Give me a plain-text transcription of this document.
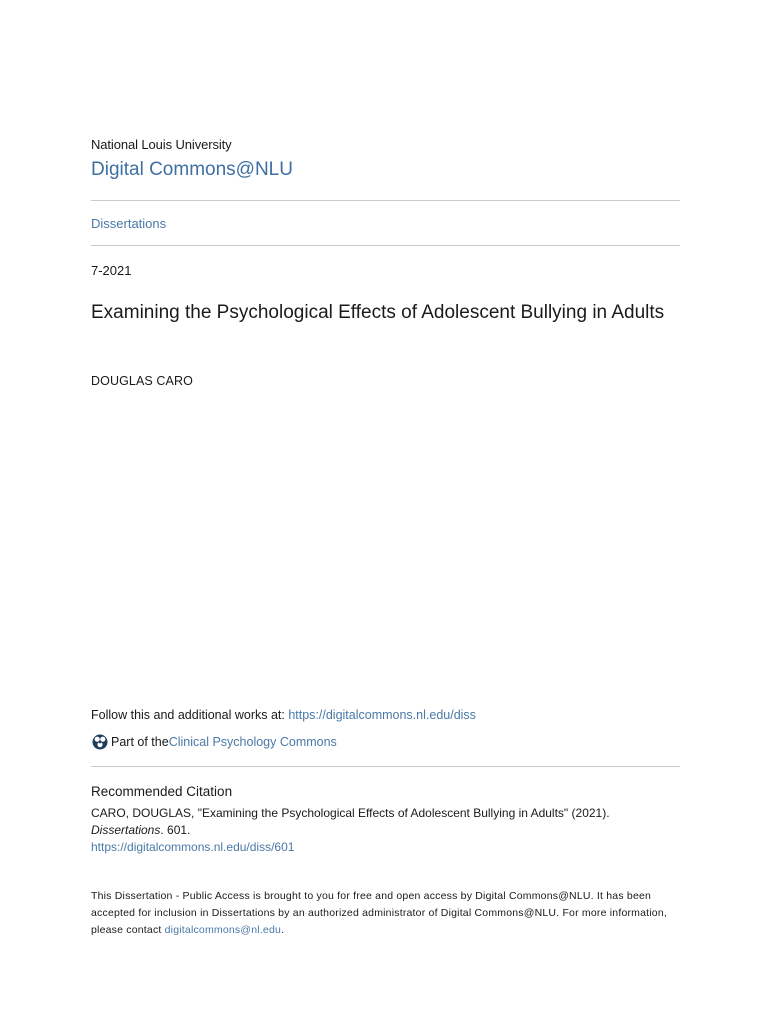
National Louis University
Digital Commons@NLU
Dissertations
7-2021
Examining the Psychological Effects of Adolescent Bullying in Adults
DOUGLAS CARO
Follow this and additional works at: https://digitalcommons.nl.edu/diss
Part of the Clinical Psychology Commons
Recommended Citation
CARO, DOUGLAS, "Examining the Psychological Effects of Adolescent Bullying in Adults" (2021).
Dissertations. 601.
https://digitalcommons.nl.edu/diss/601
This Dissertation - Public Access is brought to you for free and open access by Digital Commons@NLU. It has been accepted for inclusion in Dissertations by an authorized administrator of Digital Commons@NLU. For more information, please contact digitalcommons@nl.edu.
